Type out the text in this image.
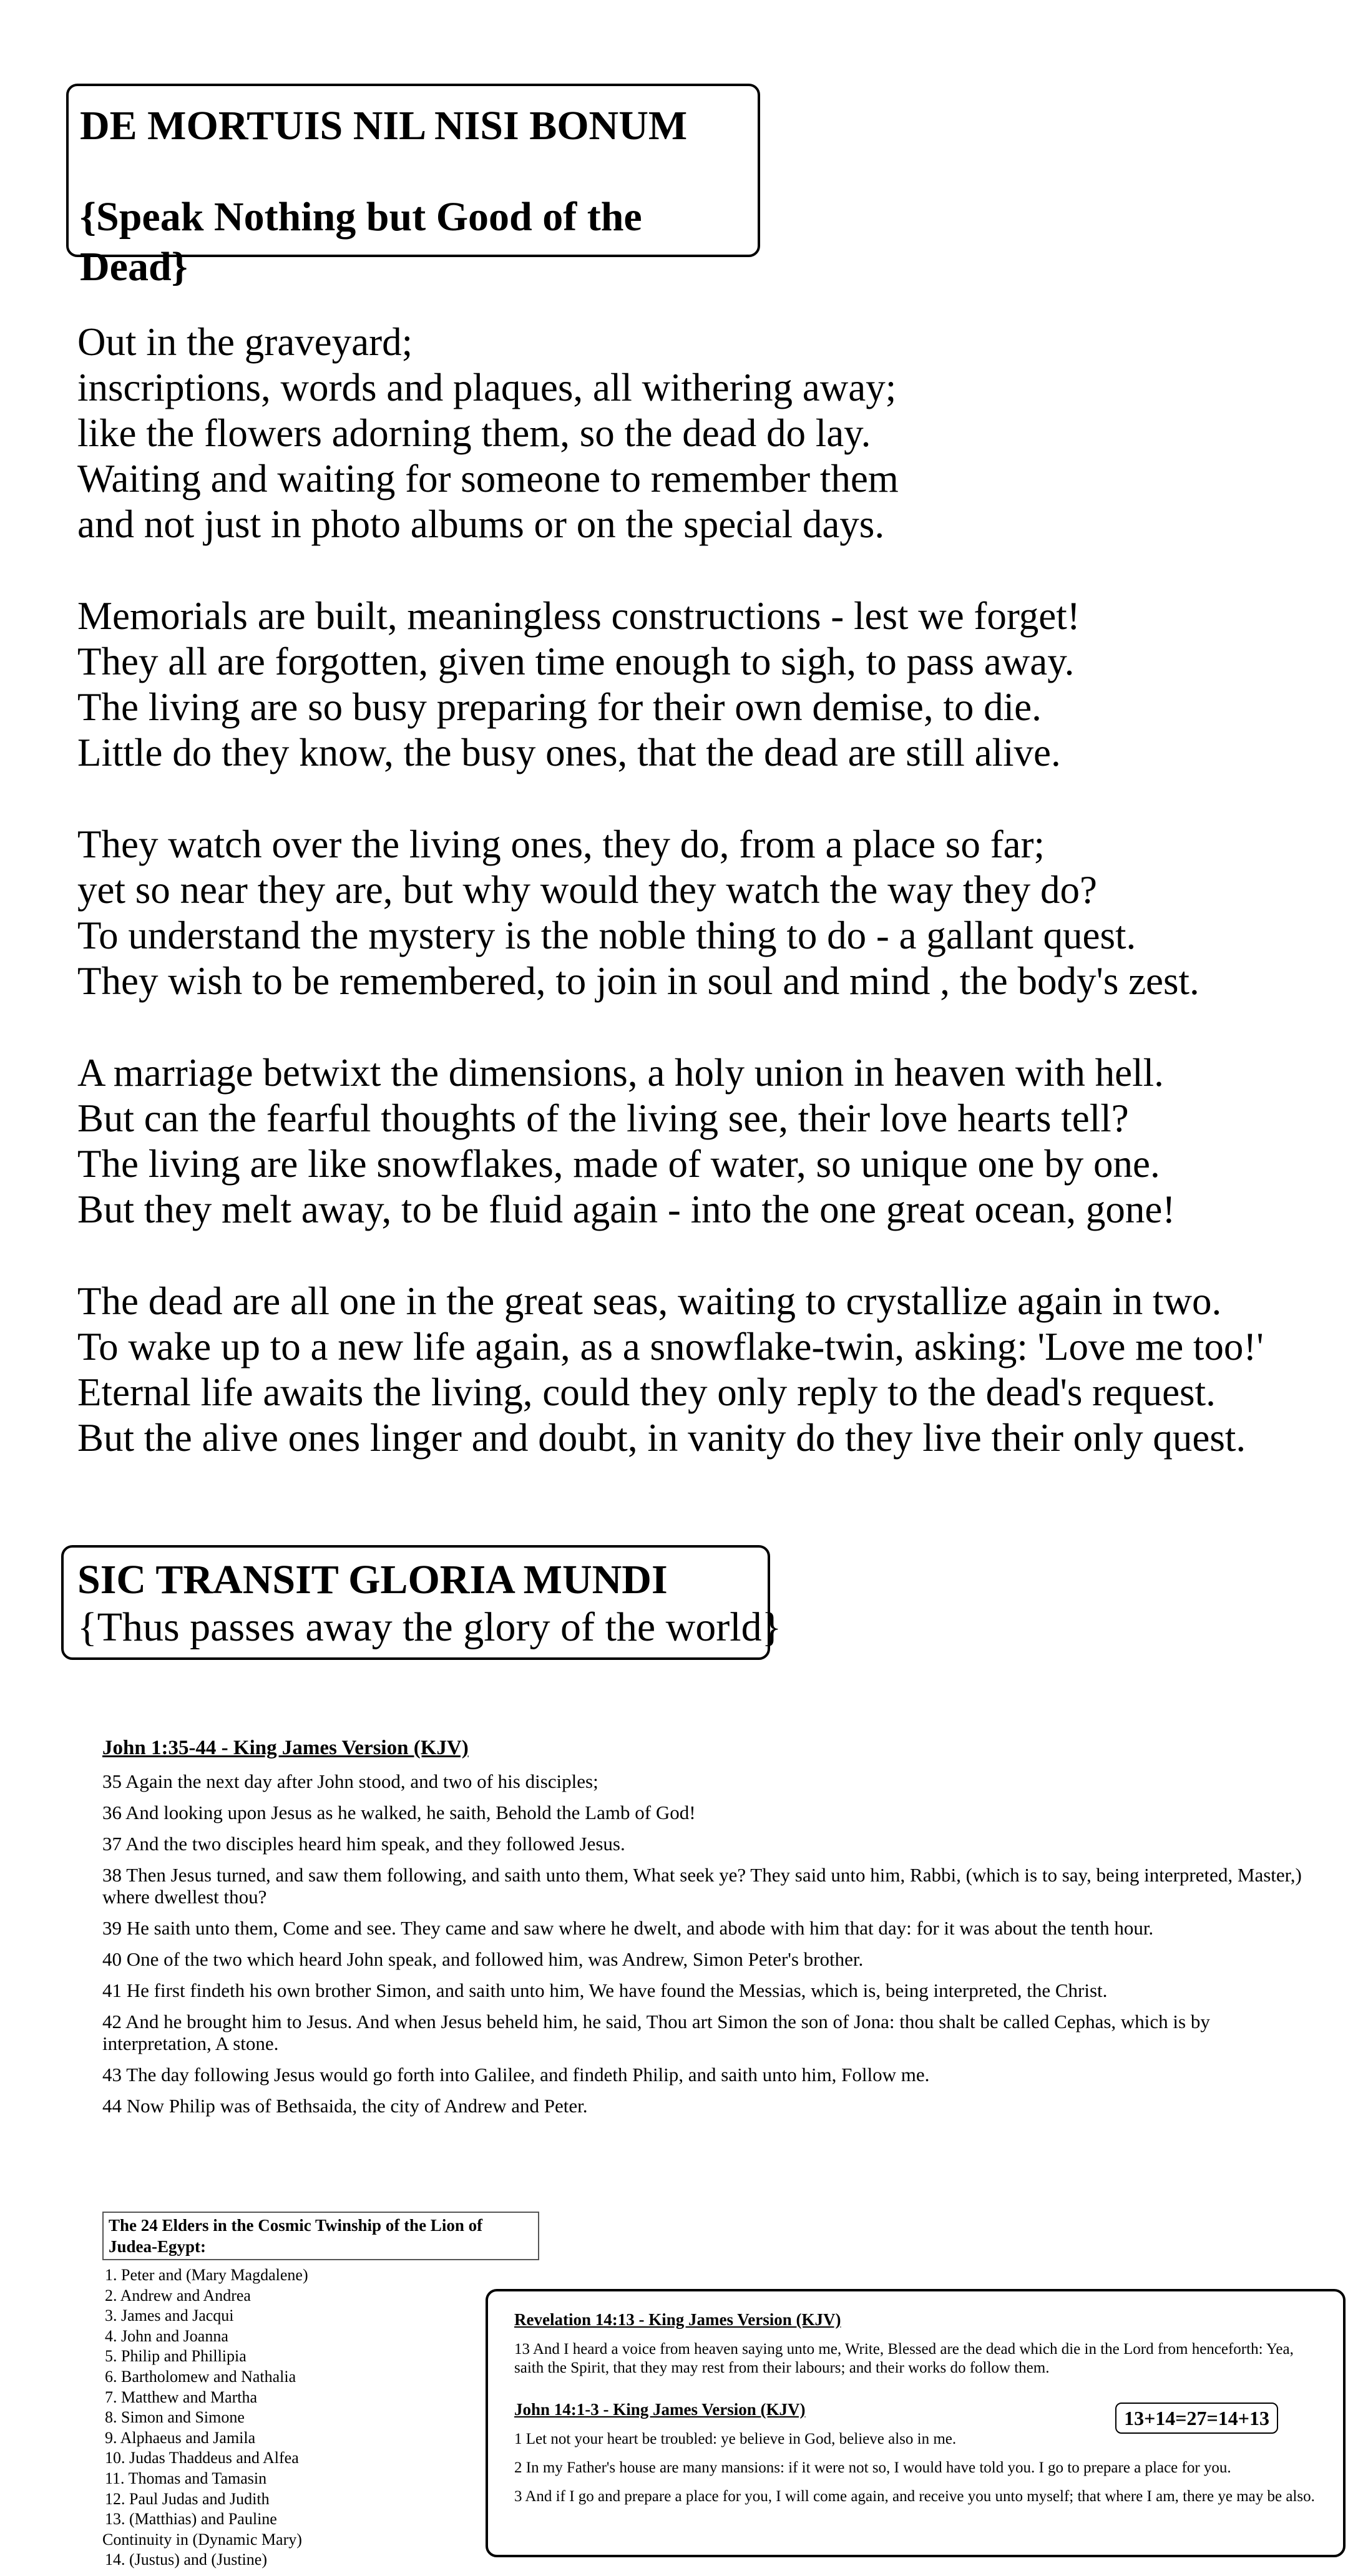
DE MORTUIS NIL NISI BONUM
{Speak Nothing but Good of the Dead}
Out in the graveyard;
inscriptions, words and plaques, all withering away;
like the flowers adorning them, so the dead do lay.
Waiting and waiting for someone to remember them
and not just in photo albums or on the special days.
Memorials are built, meaningless constructions - lest we forget!
They all are forgotten, given time enough to sigh, to pass away.
The living are so busy preparing for their own demise, to die.
Little do they know, the busy ones, that the dead are still alive.
They watch over the living ones, they do, from a place so far;
yet so near they are, but why would they watch the way they do?
To understand the mystery is the noble thing to do - a gallant quest.
They wish to be remembered, to join in soul and mind , the body's zest.
A marriage betwixt the dimensions, a holy union in heaven with hell.
But can the fearful thoughts of the living see, their love hearts tell?
The living are like snowflakes, made of water, so unique one by one.
But they melt away, to be fluid again - into the one great ocean, gone!
The dead are all one in the great seas, waiting to crystallize again in two.
To wake up to a new life again, as a snowflake-twin, asking: 'Love me too!'
Eternal life awaits the living, could they only reply to the dead's request.
But the alive ones linger and doubt, in vanity do they live their only quest.
SIC TRANSIT GLORIA MUNDI
{Thus passes away the glory of the world}
John 1:35-44 - King James Version (KJV)
35 Again the next day after John stood, and two of his disciples;
36 And looking upon Jesus as he walked, he saith, Behold the Lamb of God!
37 And the two disciples heard him speak, and they followed Jesus.
38 Then Jesus turned, and saw them following, and saith unto them, What seek ye? They said unto him, Rabbi, (which is to say, being interpreted, Master,) where dwellest thou?
39 He saith unto them, Come and see. They came and saw where he dwelt, and abode with him that day: for it was about the tenth hour.
40 One of the two which heard John speak, and followed him, was Andrew, Simon Peter's brother.
41 He first findeth his own brother Simon, and saith unto him, We have found the Messias, which is, being interpreted, the Christ.
42 And he brought him to Jesus. And when Jesus beheld him, he said, Thou art Simon the son of Jona: thou shalt be called Cephas, which is by interpretation, A stone.
43 The day following Jesus would go forth into Galilee, and findeth Philip, and saith unto him, Follow me.
44 Now Philip was of Bethsaida, the city of Andrew and Peter.
The 24 Elders in the Cosmic Twinship of the Lion of Judea-Egypt:
1. Peter and (Mary Magdalene)
2. Andrew and Andrea
3. James and Jacqui
4. John and Joanna
5. Philip and Phillipia
6. Bartholomew and Nathalia
7. Matthew and Martha
8. Simon and Simone
9. Alphaeus and Jamila
10. Judas Thaddeus and Alfea
11. Thomas and Tamasin
12. Paul Judas and Judith
13. (Matthias) and Pauline
Continuity in (Dynamic Mary)
14. (Justus) and (Justine)
Revelation 14:13 - King James Version (KJV)
13 And I heard a voice from heaven saying unto me, Write, Blessed are the dead which die in the Lord from henceforth: Yea, saith the Spirit, that they may rest from their labours; and their works do follow them.
John 14:1-3 - King James Version (KJV)	13+14=27=14+13
1 Let not your heart be troubled: ye believe in God, believe also in me.
2 In my Father's house are many mansions: if it were not so, I would have told you. I go to prepare a place for you.
3 And if I go and prepare a place for you, I will come again, and receive you unto myself; that where I am, there ye may be also.
